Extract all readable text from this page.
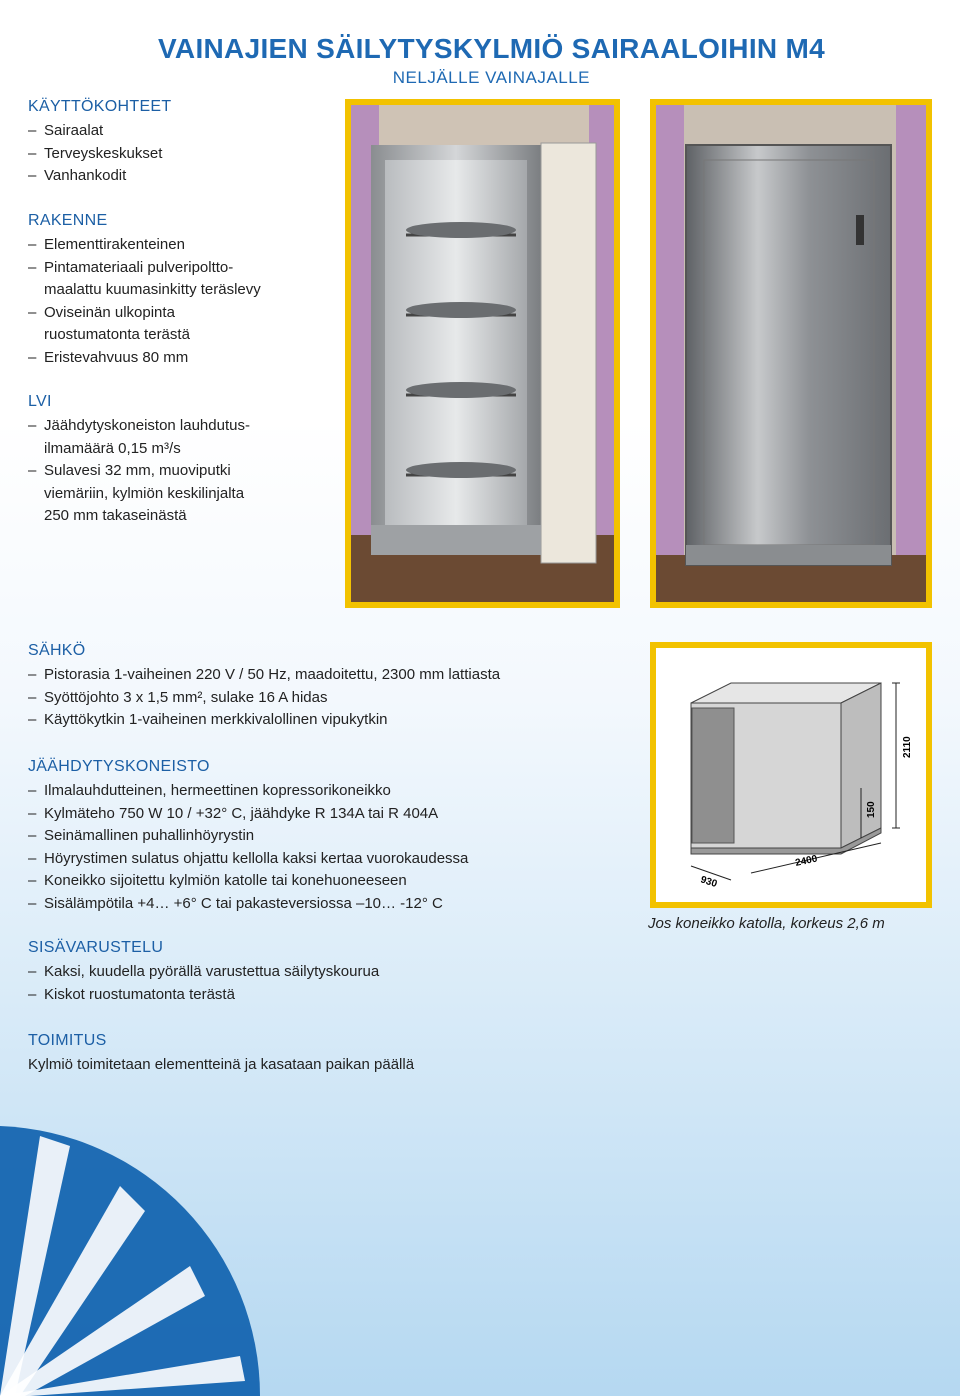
VAINAJIEN SÄILYTYSKYLMIÖ SAIRAALOIHIN M4
NELJÄLLE VAINAJALLE
KÄYTTÖKOHTEET
– Sairaalat
– Terveyskeskukset
– Vanhankodit
RAKENNE
– Elementtirakenteinen
– Pintamateriaali pulveripoltto-
maalattu kuumasinkitty teräslevy
– Oviseinän ulkopinta
ruostumatonta terästä
– Eristevahvuus 80 mm
LVI
– Jäähdytyskoneiston lauhdutus-
ilmamäärä 0,15 m³/s
– Sulavesi 32 mm, muoviputki
viemäriin, kylmiön keskilinjalta
250 mm takaseinästä
SÄHKÖ
– Pistorasia 1-vaiheinen 220 V / 50 Hz, maadoitettu, 2300 mm lattiasta
– Syöttöjohto 3 x 1,5 mm², sulake 16 A hidas
– Käyttökytkin 1-vaiheinen merkkivalollinen vipukytkin
2110
150
2400
930
Jos koneikko katolla, korkeus 2,6 m
JÄÄHDYTYSKONEISTO
– Ilmalauhdutteinen, hermeettinen kopressorikoneikko
– Kylmäteho 750 W 10 / +32° C, jäähdyke R 134A tai R 404A
– Seinämallinen puhallinhöyrystin
– Höyrystimen sulatus ohjattu kellolla kaksi kertaa vuorokaudessa
– Koneikko sijoitettu kylmiön katolle tai konehuoneeseen
– Sisälämpötila +4… +6° C tai pakasteversiossa –10… -12° C
SISÄVARUSTELU
– Kaksi, kuudella pyörällä varustettua säilytyskourua
– Kiskot ruostumatonta terästä
TOIMITUS
Kylmiö toimitetaan elementteinä ja kasataan paikan päällä
